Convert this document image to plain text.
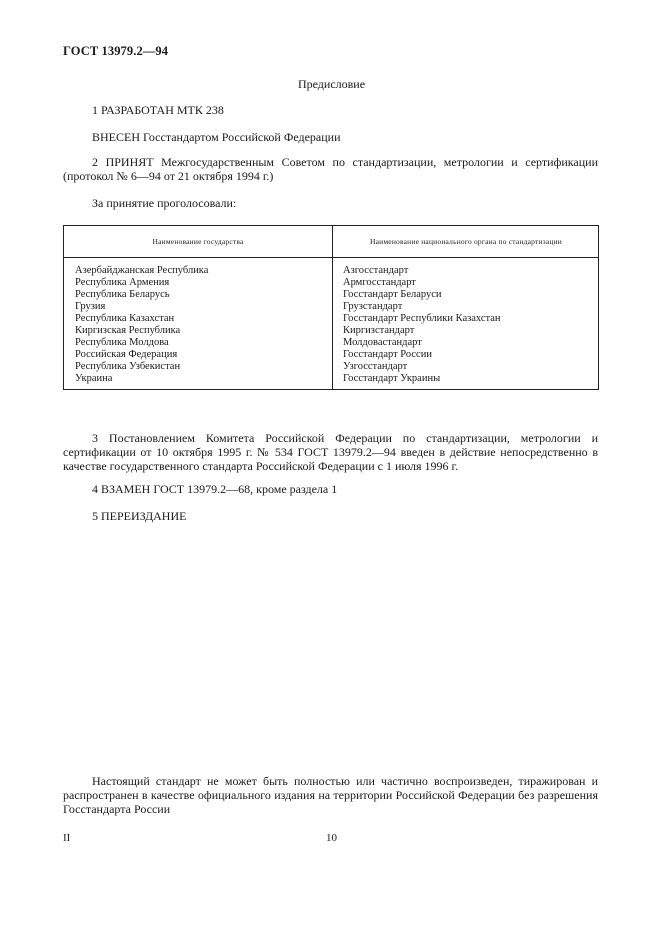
ГОСТ 13979.2—94
Предисловие
1 РАЗРАБОТАН МТК 238
ВНЕСЕН Госстандартом Российской Федерации
2 ПРИНЯТ Межгосударственным Советом по стандартизации, метрологии и сертификации (протокол № 6—94 от 21 октября 1994 г.)
За принятие проголосовали:
Наименование государства	Наименование национального органа по стандартизации
Азербайджанская Республика
Республика Армения
Республика Беларусь
Грузия
Республика Казахстан
Киргизская Республика
Республика Молдова
Российская Федерация
Республика Узбекистан
Украина
Азгосстандарт
Армгосстандарт
Госстандарт Беларуси
Грузстандарт
Госстандарт Республики Казахстан
Киргизстандарт
Молдовастандарт
Госстандарт России
Узгосстандарт
Госстандарт Украины
3 Постановлением Комитета Российской Федерации по стандартизации, метрологии и сертификации от 10 октября 1995 г. № 534 ГОСТ 13979.2—94 введен в действие непосредственно в качестве государственного стандарта Российской Федерации с 1 июля 1996 г.
4 ВЗАМЕН ГОСТ 13979.2—68, кроме раздела 1
5 ПЕРЕИЗДАНИЕ
Настоящий стандарт не может быть полностью или частично воспроизведен, тиражирован и распространен в качестве официального издания на территории Российской Федерации без разрешения Госстандарта России
II	10
